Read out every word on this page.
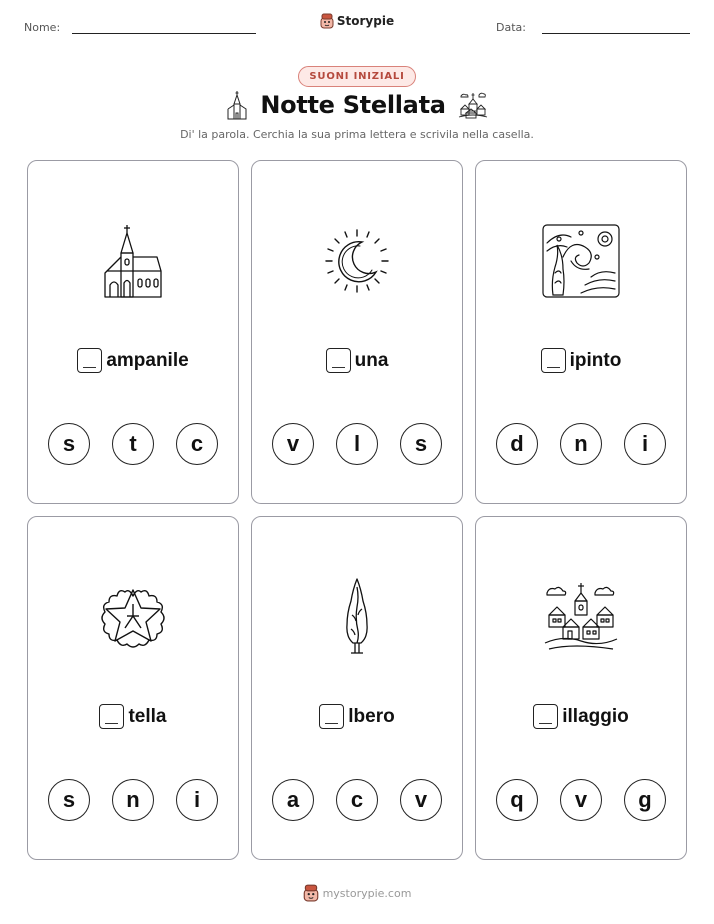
Nome:	Storypie	Data:
SUONI INIZIALI
Notte Stellata
Di' la parola. Cerchia la sua prima lettera e scrivila nella casella.
ampanile
s	t	c
una
v	l	s
ipinto
d	n	i
tella
s	n	i
lbero
a	c	v
illaggio
q	v	g
mystorypie.com
